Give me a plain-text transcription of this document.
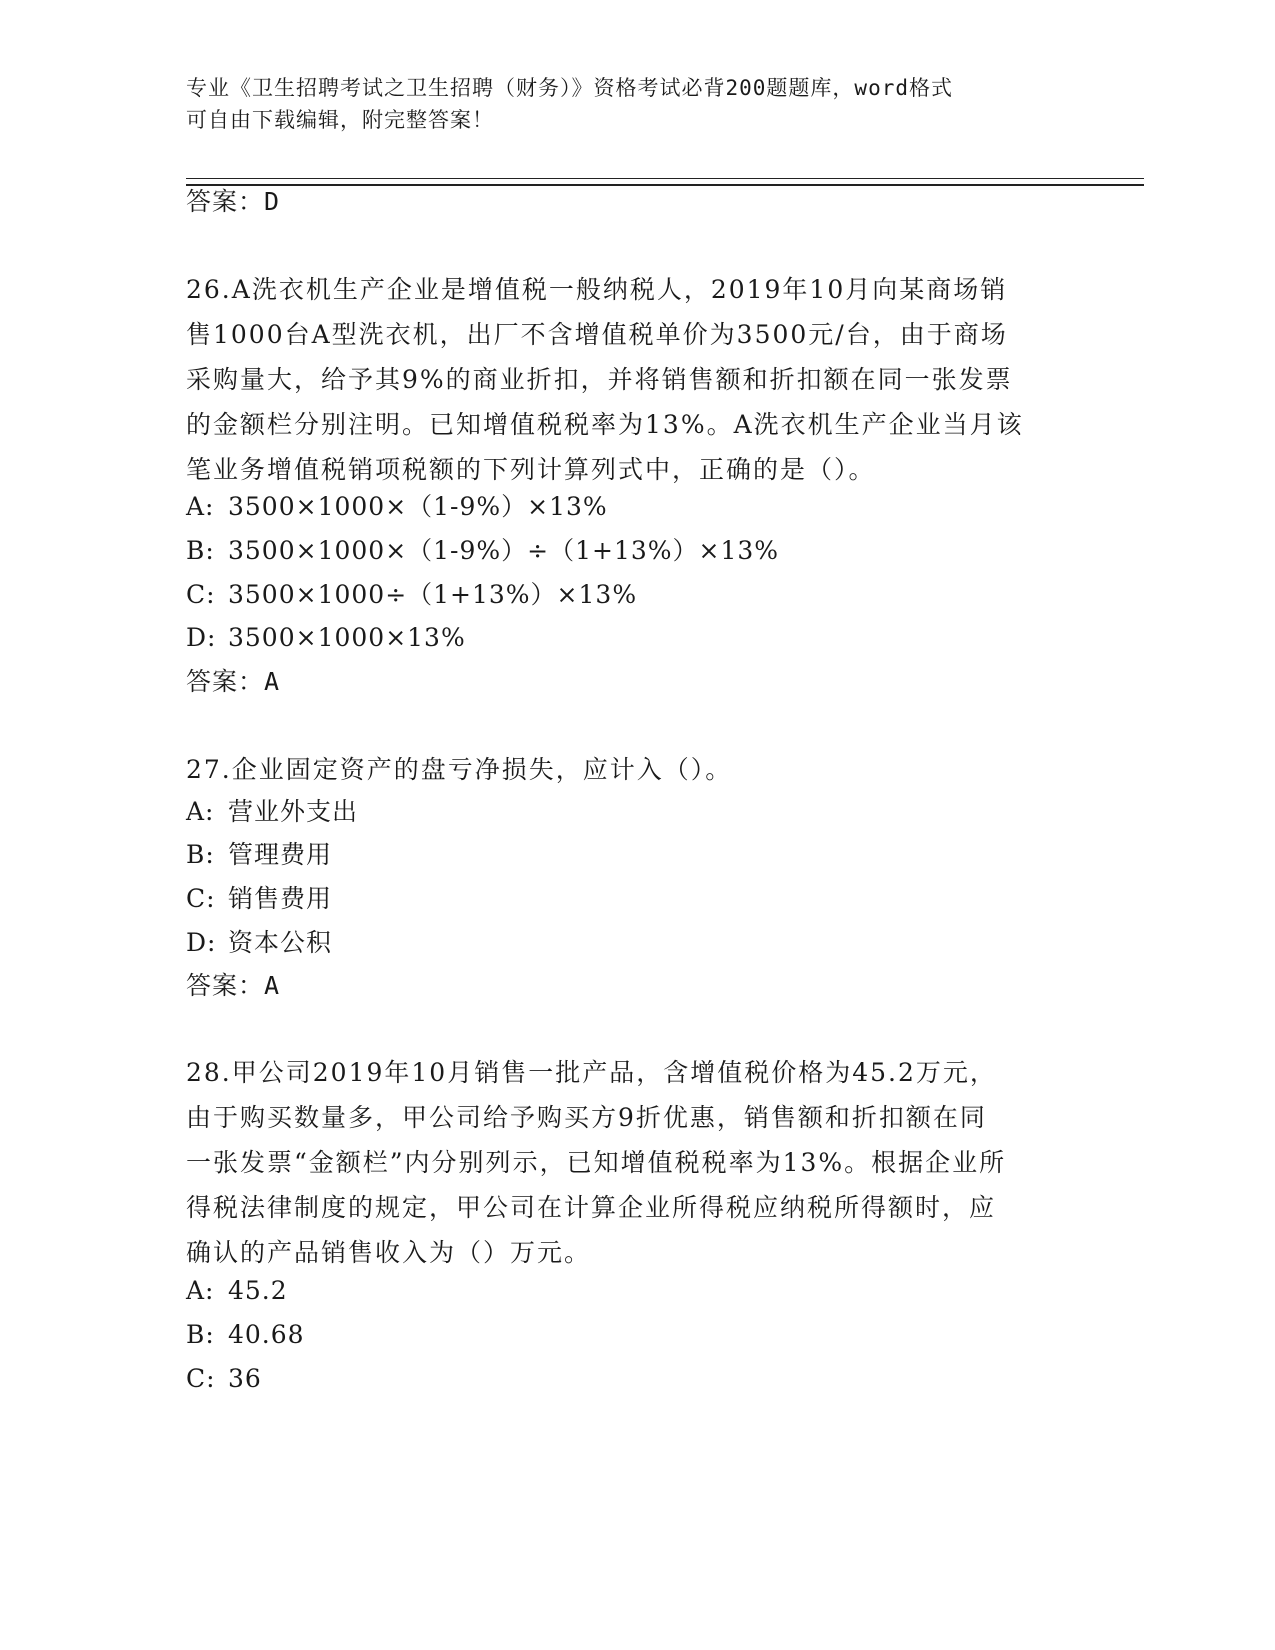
专业《卫生招聘考试之卫生招聘（财务）》资格考试必背200题题库，word格式
可自由下载编辑，附完整答案！
答案：D
26.A洗衣机生产企业是增值税一般纳税人，2019年10月向某商场销
售1000台A型洗衣机，出厂不含增值税单价为3500元/台，由于商场
采购量大，给予其9%的商业折扣，并将销售额和折扣额在同一张发票
的金额栏分别注明。已知增值税税率为13%。A洗衣机生产企业当月该
笔业务增值税销项税额的下列计算列式中，正确的是（）。
A: 3500×1000×（1-9%）×13%
B: 3500×1000×（1-9%）÷（1+13%）×13%
C: 3500×1000÷（1+13%）×13%
D: 3500×1000×13%
答案：A
27.企业固定资产的盘亏净损失，应计入（）。
A: 营业外支出
B: 管理费用
C: 销售费用
D: 资本公积
答案：A
28.甲公司2019年10月销售一批产品，含增值税价格为45.2万元，
由于购买数量多，甲公司给予购买方9折优惠，销售额和折扣额在同
一张发票“金额栏”内分别列示，已知增值税税率为13%。根据企业所
得税法律制度的规定，甲公司在计算企业所得税应纳税所得额时，应
确认的产品销售收入为（）万元。
A: 45.2
B: 40.68
C: 36
